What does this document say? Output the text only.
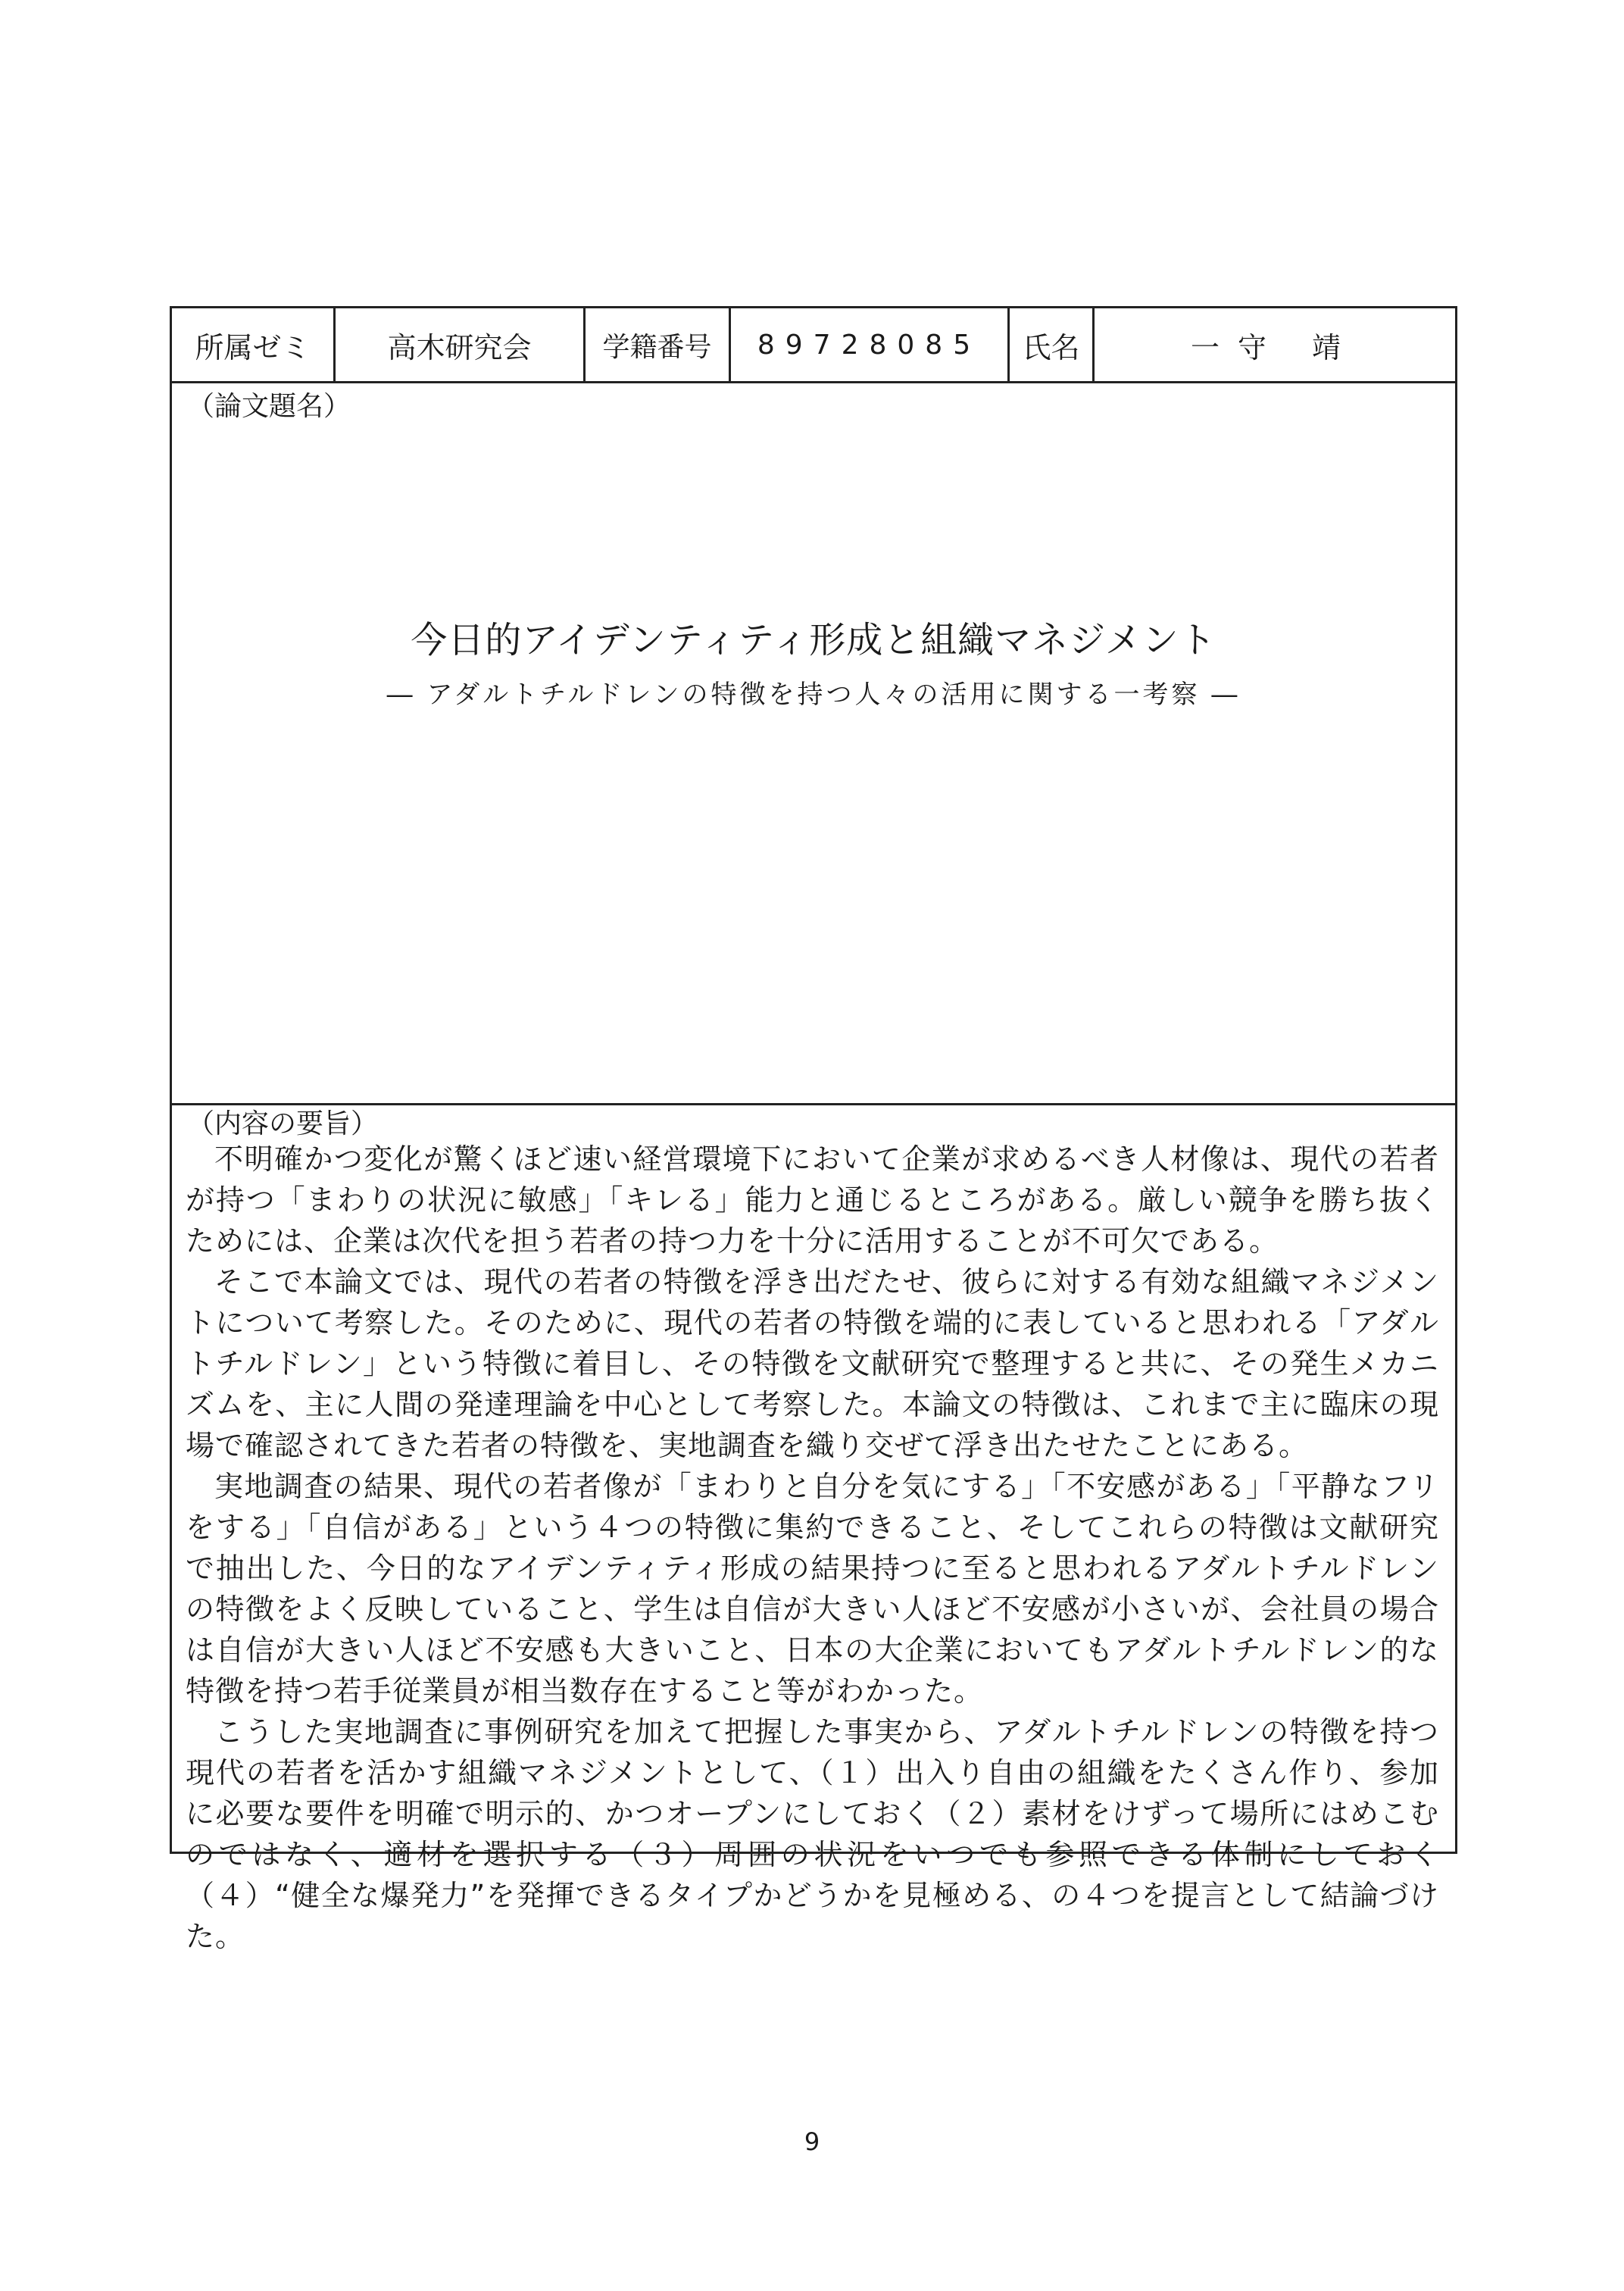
所属ゼミ	高木研究会	学籍番号	89728085	氏名	一守 靖
（論文題名）
今日的アイデンティティ形成と組織マネジメント
― アダルトチルドレンの特徴を持つ人々の活用に関する一考察 ―
（内容の要旨）

不明確かつ変化が驚くほど速い経営環境下において企業が求めるべき人材像は、現代の若者が持つ「まわりの状況に敏感」「キレる」能力と通じるところがある。厳しい競争を勝ち抜くためには、企業は次代を担う若者の持つ力を十分に活用することが不可欠である。

そこで本論文では、現代の若者の特徴を浮き出だたせ、彼らに対する有効な組織マネジメントについて考察した。そのために、現代の若者の特徴を端的に表していると思われる「アダルトチルドレン」という特徴に着目し、その特徴を文献研究で整理すると共に、その発生メカニズムを、主に人間の発達理論を中心として考察した。本論文の特徴は、これまで主に臨床の現場で確認されてきた若者の特徴を、実地調査を織り交ぜて浮き出たせたことにある。

実地調査の結果、現代の若者像が「まわりと自分を気にする」「不安感がある」「平静なフリをする」「自信がある」という４つの特徴に集約できること、そしてこれらの特徴は文献研究で抽出した、今日的なアイデンティティ形成の結果持つに至ると思われるアダルトチルドレンの特徴をよく反映していること、学生は自信が大きい人ほど不安感が小さいが、会社員の場合は自信が大きい人ほど不安感も大きいこと、日本の大企業においてもアダルトチルドレン的な特徴を持つ若手従業員が相当数存在すること等がわかった。

こうした実地調査に事例研究を加えて把握した事実から、アダルトチルドレンの特徴を持つ現代の若者を活かす組織マネジメントとして、（１）出入り自由の組織をたくさん作り、参加に必要な要件を明確で明示的、かつオープンにしておく（２）素材をけずって場所にはめこむのではなく、適材を選択する（３）周囲の状況をいつでも参照できる体制にしておく（４）“健全な爆発力”を発揮できるタイプかどうかを見極める、の４つを提言として結論づけた。

9
